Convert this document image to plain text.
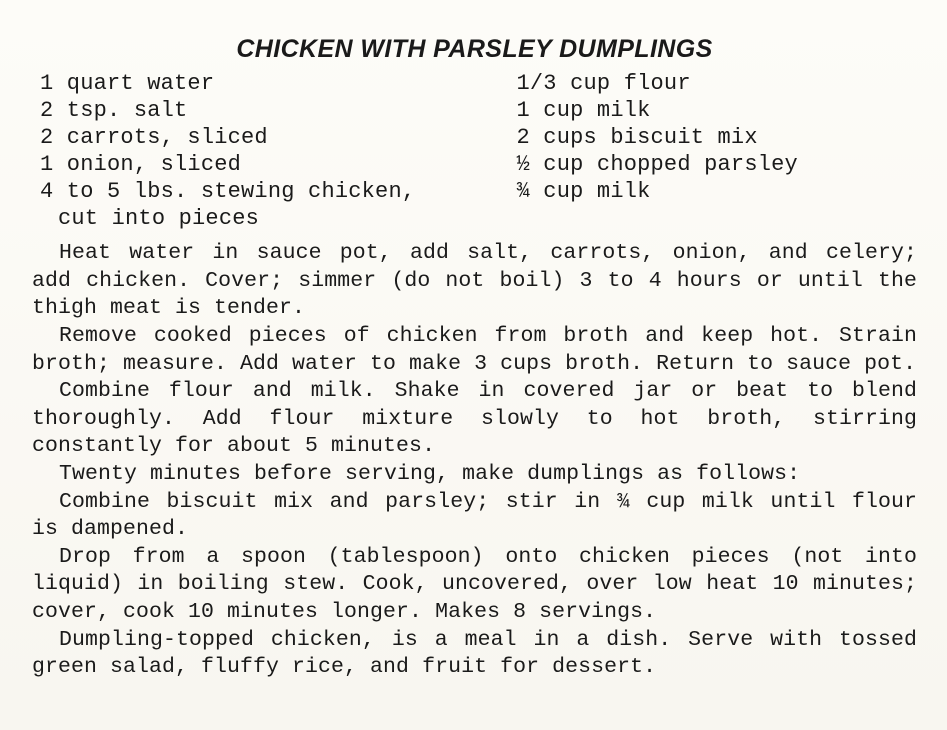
CHICKEN WITH PARSLEY DUMPLINGS
1 quart water
2 tsp. salt
2 carrots, sliced
1 onion, sliced
4 to 5 lbs. stewing chicken,
cut into pieces
1/3 cup flour
1 cup milk
2 cups biscuit mix
½ cup chopped parsley
¾ cup milk

Heat water in sauce pot, add salt, carrots, onion, and celery; add chicken. Cover; simmer (do not boil) 3 to 4 hours or until the thigh meat is tender.

Remove cooked pieces of chicken from broth and keep hot. Strain broth; measure. Add water to make 3 cups broth. Return to sauce pot.

Combine flour and milk. Shake in covered jar or beat to blend thoroughly. Add flour mixture slowly to hot broth, stirring constantly for about 5 minutes.

Twenty minutes before serving, make dumplings as follows:

Combine biscuit mix and parsley; stir in ¾ cup milk until flour is dampened.

Drop from a spoon (tablespoon) onto chicken pieces (not into liquid) in boiling stew. Cook, uncovered, over low heat 10 minutes; cover, cook 10 minutes longer. Makes 8 servings.

Dumpling-topped chicken, is a meal in a dish. Serve with tossed green salad, fluffy rice, and fruit for dessert.
